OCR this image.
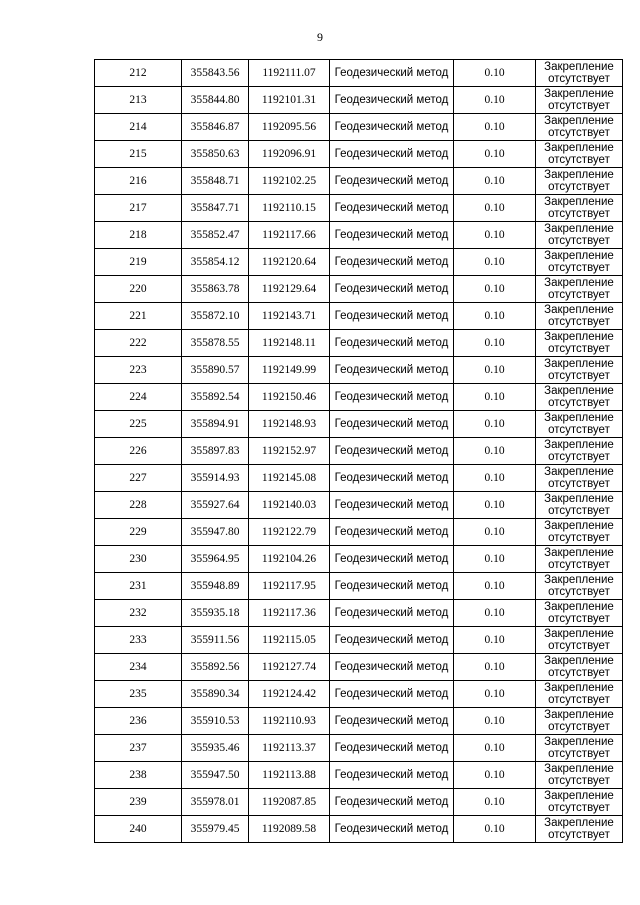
9
212	355843.56	1192111.07	Геодезический метод	0.10	Закрепление
отсутствует

213	355844.80	1192101.31	Геодезический метод	0.10	Закрепление
отсутствует

214	355846.87	1192095.56	Геодезический метод	0.10	Закрепление
отсутствует

215	355850.63	1192096.91	Геодезический метод	0.10	Закрепление
отсутствует

216	355848.71	1192102.25	Геодезический метод	0.10	Закрепление
отсутствует

217	355847.71	1192110.15	Геодезический метод	0.10	Закрепление
отсутствует

218	355852.47	1192117.66	Геодезический метод	0.10	Закрепление
отсутствует

219	355854.12	1192120.64	Геодезический метод	0.10	Закрепление
отсутствует

220	355863.78	1192129.64	Геодезический метод	0.10	Закрепление
отсутствует

221	355872.10	1192143.71	Геодезический метод	0.10	Закрепление
отсутствует

222	355878.55	1192148.11	Геодезический метод	0.10	Закрепление
отсутствует

223	355890.57	1192149.99	Геодезический метод	0.10	Закрепление
отсутствует

224	355892.54	1192150.46	Геодезический метод	0.10	Закрепление
отсутствует

225	355894.91	1192148.93	Геодезический метод	0.10	Закрепление
отсутствует

226	355897.83	1192152.97	Геодезический метод	0.10	Закрепление
отсутствует

227	355914.93	1192145.08	Геодезический метод	0.10	Закрепление
отсутствует

228	355927.64	1192140.03	Геодезический метод	0.10	Закрепление
отсутствует

229	355947.80	1192122.79	Геодезический метод	0.10	Закрепление
отсутствует

230	355964.95	1192104.26	Геодезический метод	0.10	Закрепление
отсутствует

231	355948.89	1192117.95	Геодезический метод	0.10	Закрепление
отсутствует

232	355935.18	1192117.36	Геодезический метод	0.10	Закрепление
отсутствует

233	355911.56	1192115.05	Геодезический метод	0.10	Закрепление
отсутствует

234	355892.56	1192127.74	Геодезический метод	0.10	Закрепление
отсутствует

235	355890.34	1192124.42	Геодезический метод	0.10	Закрепление
отсутствует

236	355910.53	1192110.93	Геодезический метод	0.10	Закрепление
отсутствует

237	355935.46	1192113.37	Геодезический метод	0.10	Закрепление
отсутствует

238	355947.50	1192113.88	Геодезический метод	0.10	Закрепление
отсутствует

239	355978.01	1192087.85	Геодезический метод	0.10	Закрепление
отсутствует

240	355979.45	1192089.58	Геодезический метод	0.10	Закрепление
отсутствует
